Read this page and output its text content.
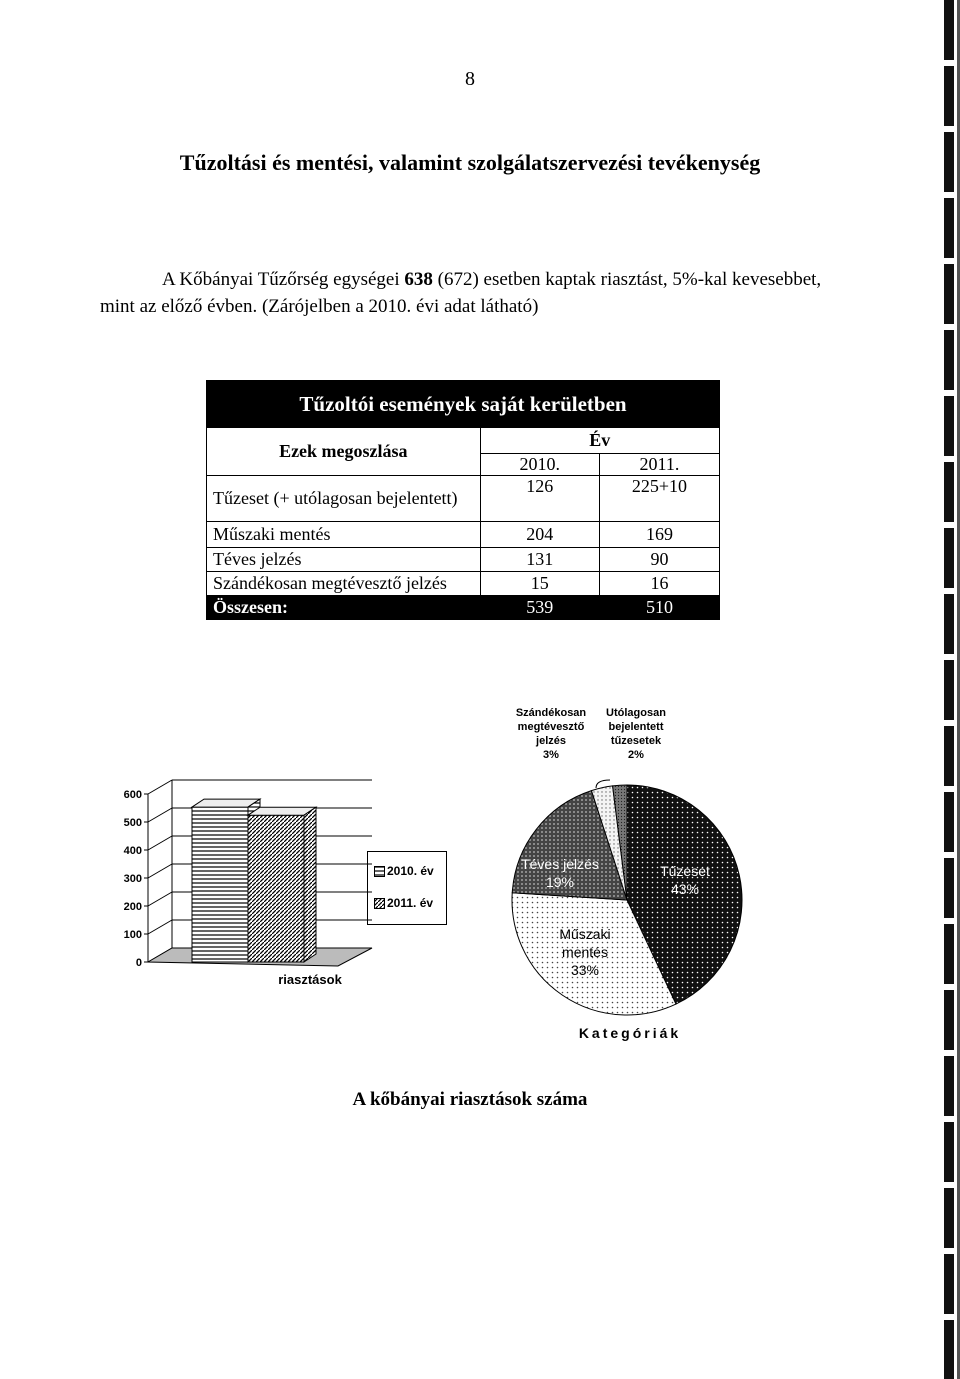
8
Tűzoltási és mentési, valamint szolgálatszervezési tevékenység

A Kőbányai Tűzőrség egységei 638 (672) esetben kaptak riasztást, 5%-kal kevesebbet,

mint az előző évben. (Zárójelben a 2010. évi adat látható)

Tűzoltói események saját kerületben		
Ezek megoszlása	Év	
	2010.	2011.
Tűzeset (+ utólagosan bejelentett)	126	225+10
Műszaki mentés	204	169
Téves jelzés	131	90
Szándékosan megtévesztő jelzés	15	16
Összesen:	539	510
0
100
200
300
400
500
600
riasztások
2010. év
2011. év
Szándékosan
megtévesztő
jelzés
3%
Utólagosan
bejelentett
tűzesetek
2%
Téves jelzés
19%
Tűzeset
43%
Műszaki mentés
33%
Kategóriák
A kőbányai riasztások száma
